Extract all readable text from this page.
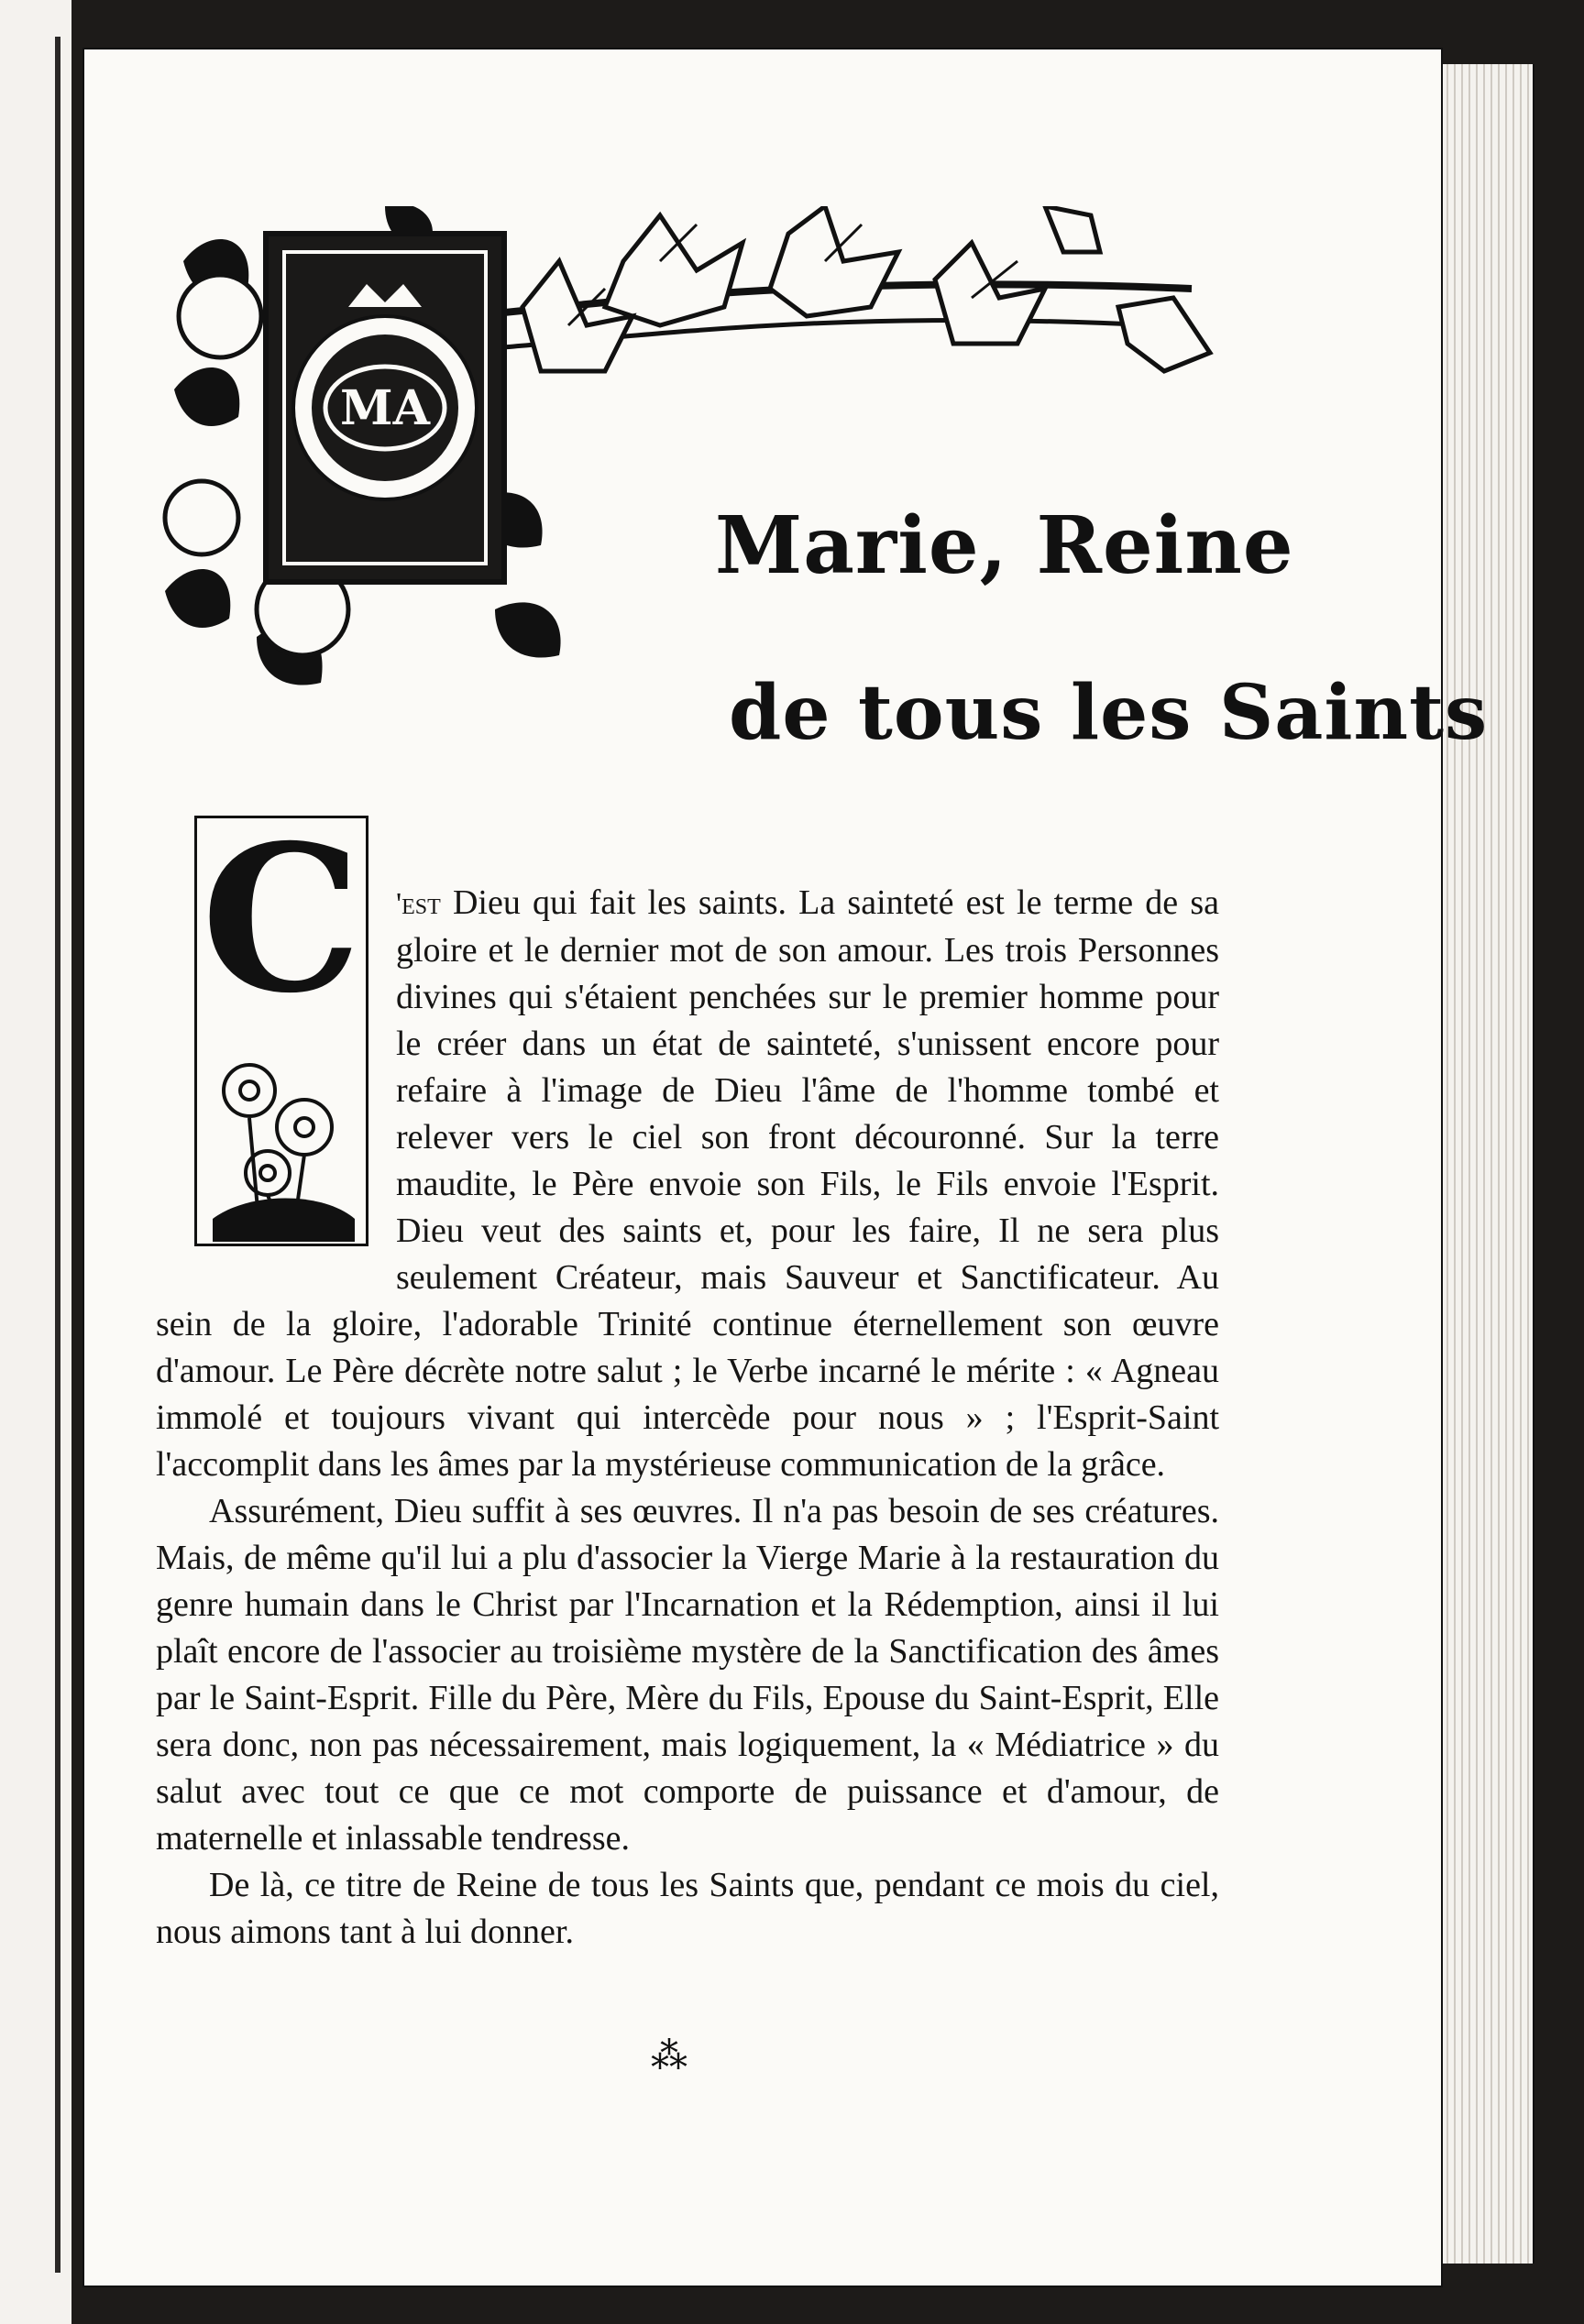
MA
Marie, Reine
de tous les Saints
C	'est Dieu qui fait les saints. La sainteté est le terme de sa gloire et le dernier mot de son amour. Les trois Personnes divines qui s'étaient penchées sur le premier homme pour le créer dans un état de sainteté, s'unissent encore pour refaire à l'image de Dieu l'âme de l'homme tombé et relever vers le ciel son front découronné. Sur la terre maudite, le Père envoie son Fils, le Fils envoie l'Esprit. Dieu veut des saints et, pour les faire, Il ne sera plus seulement Créateur, mais Sauveur et Sanctificateur. Au sein de la gloire, l'adorable Trinité continue éternellement son œuvre d'amour. Le Père décrète notre salut ; le Verbe incarné le mérite : « Agneau immolé et toujours vivant qui intercède pour nous » ; l'Esprit-Saint l'accomplit dans les âmes par la mystérieuse communication de la grâce.

Assurément, Dieu suffit à ses œuvres. Il n'a pas besoin de ses créatures. Mais, de même qu'il lui a plu d'associer la Vierge Marie à la restauration du genre humain dans le Christ par l'Incarnation et la Rédemption, ainsi il lui plaît encore de l'associer au troisième mystère de la Sanctification des âmes par le Saint-Esprit. Fille du Père, Mère du Fils, Epouse du Saint-Esprit, Elle sera donc, non pas nécessairement, mais logiquement, la « Médiatrice » du salut avec tout ce que ce mot comporte de puissance et d'amour, de maternelle et inlassable tendresse.

De là, ce titre de Reine de tous les Saints que, pendant ce mois du ciel, nous aimons tant à lui donner.

⁂
